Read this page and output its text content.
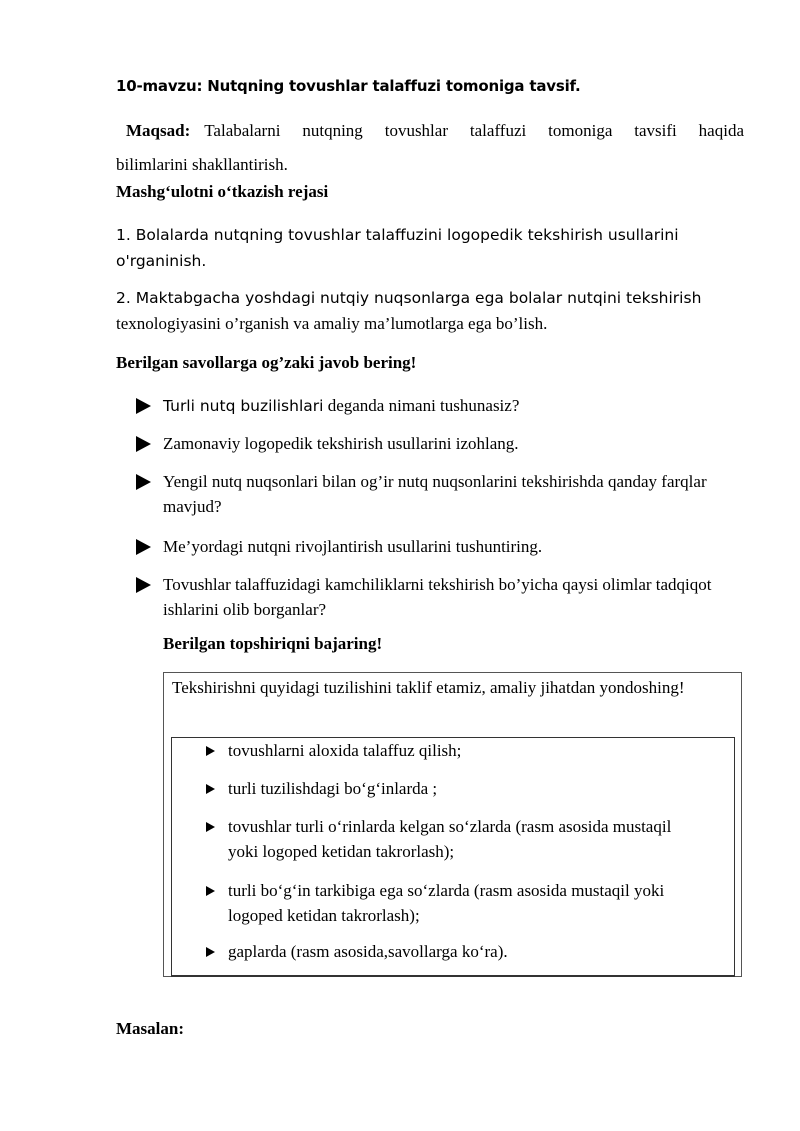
10-mavzu: Nutqning tovushlar talaffuzi tomoniga tavsif.
Maqsad: Talabalarni nutqning tovushlar talaffuzi tomoniga tavsifi haqida
bilimlarini shakllantirish.
Mashg‘ulotni o‘tkazish rejasi
1. Bolalarda nutqning tovushlar talaffuzini logopedik tekshirish usullarini o'rganinish.
2. Maktabgacha yoshdagi nutqiy nuqsonlarga ega bolalar nutqini tekshirish
texnologiyasini o’rganish va amaliy ma’lumotlarga ega bo’lish.
Berilgan savollarga og’zaki javob bering!
Turli nutq buzilishlari deganda nimani tushunasiz?
Zamonaviy logopedik tekshirish usullarini izohlang.
Yengil nutq nuqsonlari bilan og’ir nutq nuqsonlarini tekshirishda qanday farqlar mavjud?
Me’yordagi nutqni rivojlantirish usullarini tushuntiring.
Tovushlar talaffuzidagi kamchiliklarni tekshirish bo’yicha qaysi olimlar tadqiqot ishlarini olib borganlar?
Berilgan topshiriqni bajaring!
Tekshirishni quyidagi tuzilishini taklif etamiz, amaliy jihatdan yondoshing!
tovushlarni aloxida talaffuz qilish;
turli tuzilishdagi bo‘g‘inlarda ;
tovushlar turli o‘rinlarda kelgan so‘zlarda (rasm asosida mustaqil yoki logoped ketidan takrorlash);
turli bo‘g‘in tarkibiga ega so‘zlarda (rasm asosida mustaqil yoki logoped ketidan takrorlash);
gaplarda (rasm asosida,savollarga ko‘ra).
Masalan:
